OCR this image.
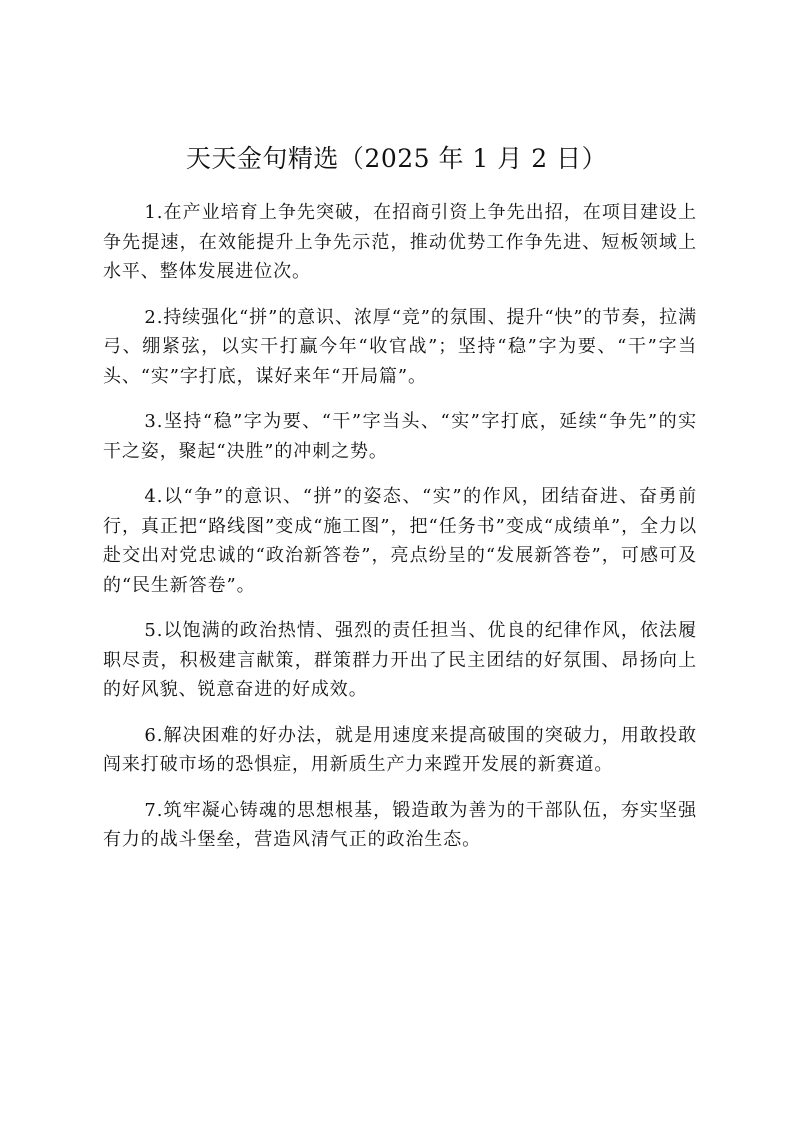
天天金句精选（2025 年 1 月 2 日）

1.在产业培育上争先突破，在招商引资上争先出招，在项目建设上争先提速，在效能提升上争先示范，推动优势工作争先进、短板领域上水平、整体发展进位次。

2.持续强化“拼”的意识、浓厚“竞”的氛围、提升“快”的节奏，拉满弓、绷紧弦，以实干打赢今年“收官战”；坚持“稳”字为要、“干”字当头、“实”字打底，谋好来年“开局篇”。

3.坚持“稳”字为要、“干”字当头、“实”字打底，延续“争先”的实干之姿，聚起“决胜”的冲刺之势。

4.以“争”的意识、“拼”的姿态、“实”的作风，团结奋进、奋勇前行，真正把“路线图”变成“施工图”，把“任务书”变成“成绩单”，全力以赴交出对党忠诚的“政治新答卷”，亮点纷呈的“发展新答卷”，可感可及的“民生新答卷”。

5.以饱满的政治热情、强烈的责任担当、优良的纪律作风，依法履职尽责，积极建言献策，群策群力开出了民主团结的好氛围、昂扬向上的好风貌、锐意奋进的好成效。

6.解决困难的好办法，就是用速度来提高破围的突破力，用敢投敢闯来打破市场的恐惧症，用新质生产力来蹚开发展的新赛道。

7.筑牢凝心铸魂的思想根基，锻造敢为善为的干部队伍，夯实坚强有力的战斗堡垒，营造风清气正的政治生态。
